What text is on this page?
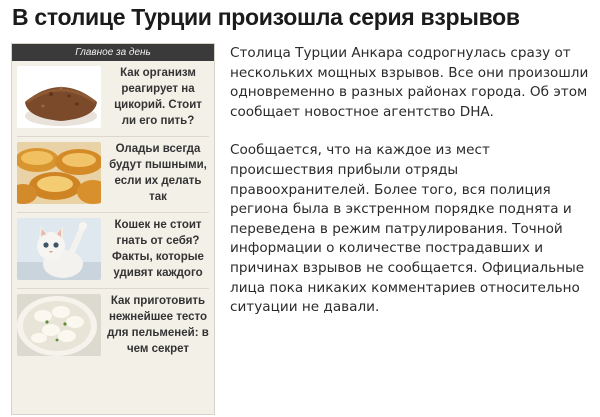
В столице Турции произошла серия взрывов
Главное за день
Как организм реагирует на цикорий. Стоит ли его пить?
Оладьи всегда будут пышными, если их делать так
Кошек не стоит гнать от себя? Факты, которые удивят каждого
Как приготовить нежнейшее тесто для пельменей: в чем секрет

Столица Турции Анкара содрогнулась сразу от нескольких мощных взрывов. Все они произошли одновременно в разных районах города. Об этом сообщает новостное агентство DHA.

Сообщается, что на каждое из мест происшествия прибыли отряды правоохранителей. Более того, вся полиция региона была в экстренном порядке поднята и переведена в режим патрулирования. Точной информации о количестве пострадавших и причинах взрывов не сообщается. Официальные лица пока никаких комментариев относительно ситуации не давали.
